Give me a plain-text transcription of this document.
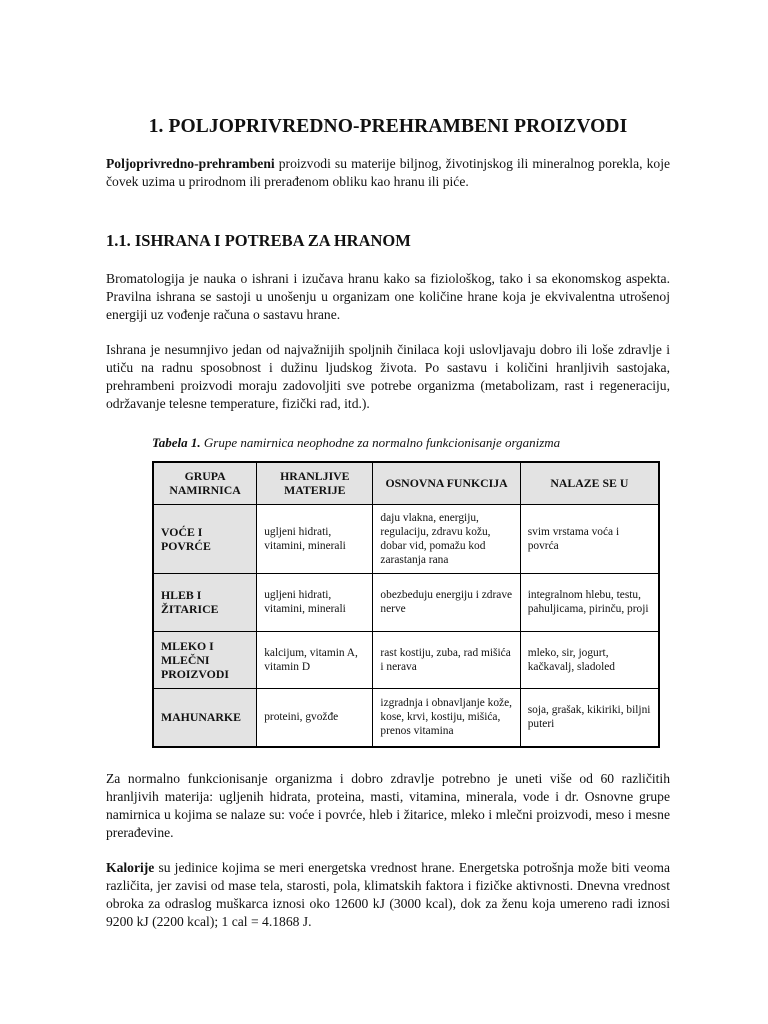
1. POLJOPRIVREDNO-PREHRAMBENI PROIZVODI

Poljoprivredno-prehrambeni proizvodi su materije biljnog, životinjskog ili mineralnog porekla, koje čovek uzima u prirodnom ili prerađenom obliku kao hranu ili piće.

1.1. ISHRANA I POTREBA ZA HRANOM

Bromatologija je nauka o ishrani i izučava hranu kako sa fiziološkog, tako i sa ekonomskog aspekta. Pravilna ishrana se sastoji u unošenju u organizam one količine hrane koja je ekvivalentna utrošenoj energiji uz vođenje računa o sastavu hrane.

Ishrana je nesumnjivo jedan od najvažnijih spoljnih činilaca koji uslovljavaju dobro ili loše zdravlje i utiču na radnu sposobnost i dužinu ljudskog života. Po sastavu i količini hranljivih sastojaka, prehrambeni proizvodi moraju zadovoljiti sve potrebe organizma (metabolizam, rast i regeneraciju, održavanje telesne temperature, fizički rad, itd.).

Tabela 1. Grupe namirnica neophodne za normalno funkcionisanje organizma
GRUPA NAMIRNICA	HRANLJIVE MATERIJE	OSNOVNA FUNKCIJA	NALAZE SE U
VOĆE I POVRĆE	ugljeni hidrati, vitamini, minerali	daju vlakna, energiju, regulaciju, zdravu kožu, dobar vid, pomažu kod zarastanja rana	svim vrstama voća i povrća
HLEB I ŽITARICE	ugljeni hidrati, vitamini, minerali	obezbeduju energiju i zdrave nerve	integralnom hlebu, testu, pahuljicama, pirinču, proji
MLEKO I MLEČNI PROIZVODI	kalcijum, vitamin A, vitamin D	rast kostiju, zuba, rad mišića i nerava	mleko, sir, jogurt, kačkavalj, sladoled
MAHUNARKE	proteini, gvožđe	izgradnja i obnavljanje kože, kose, krvi, kostiju, mišića, prenos vitamina	soja, grašak, kikiriki, biljni puteri

Za normalno funkcionisanje organizma i dobro zdravlje potrebno je uneti više od 60 različitih hranljivih materija: ugljenih hidrata, proteina, masti, vitamina, minerala, vode i dr. Osnovne grupe namirnica u kojima se nalaze su: voće i povrće, hleb i žitarice, mleko i mlečni proizvodi, meso i mesne prerađevine.

Kalorije su jedinice kojima se meri energetska vrednost hrane. Energetska potrošnja može biti veoma različita, jer zavisi od mase tela, starosti, pola, klimatskih faktora i fizičke aktivnosti. Dnevna vrednost obroka za odraslog muškarca iznosi oko 12600 kJ (3000 kcal), dok za ženu koja umereno radi iznosi 9200 kJ (2200 kcal); 1 cal = 4.1868 J.
